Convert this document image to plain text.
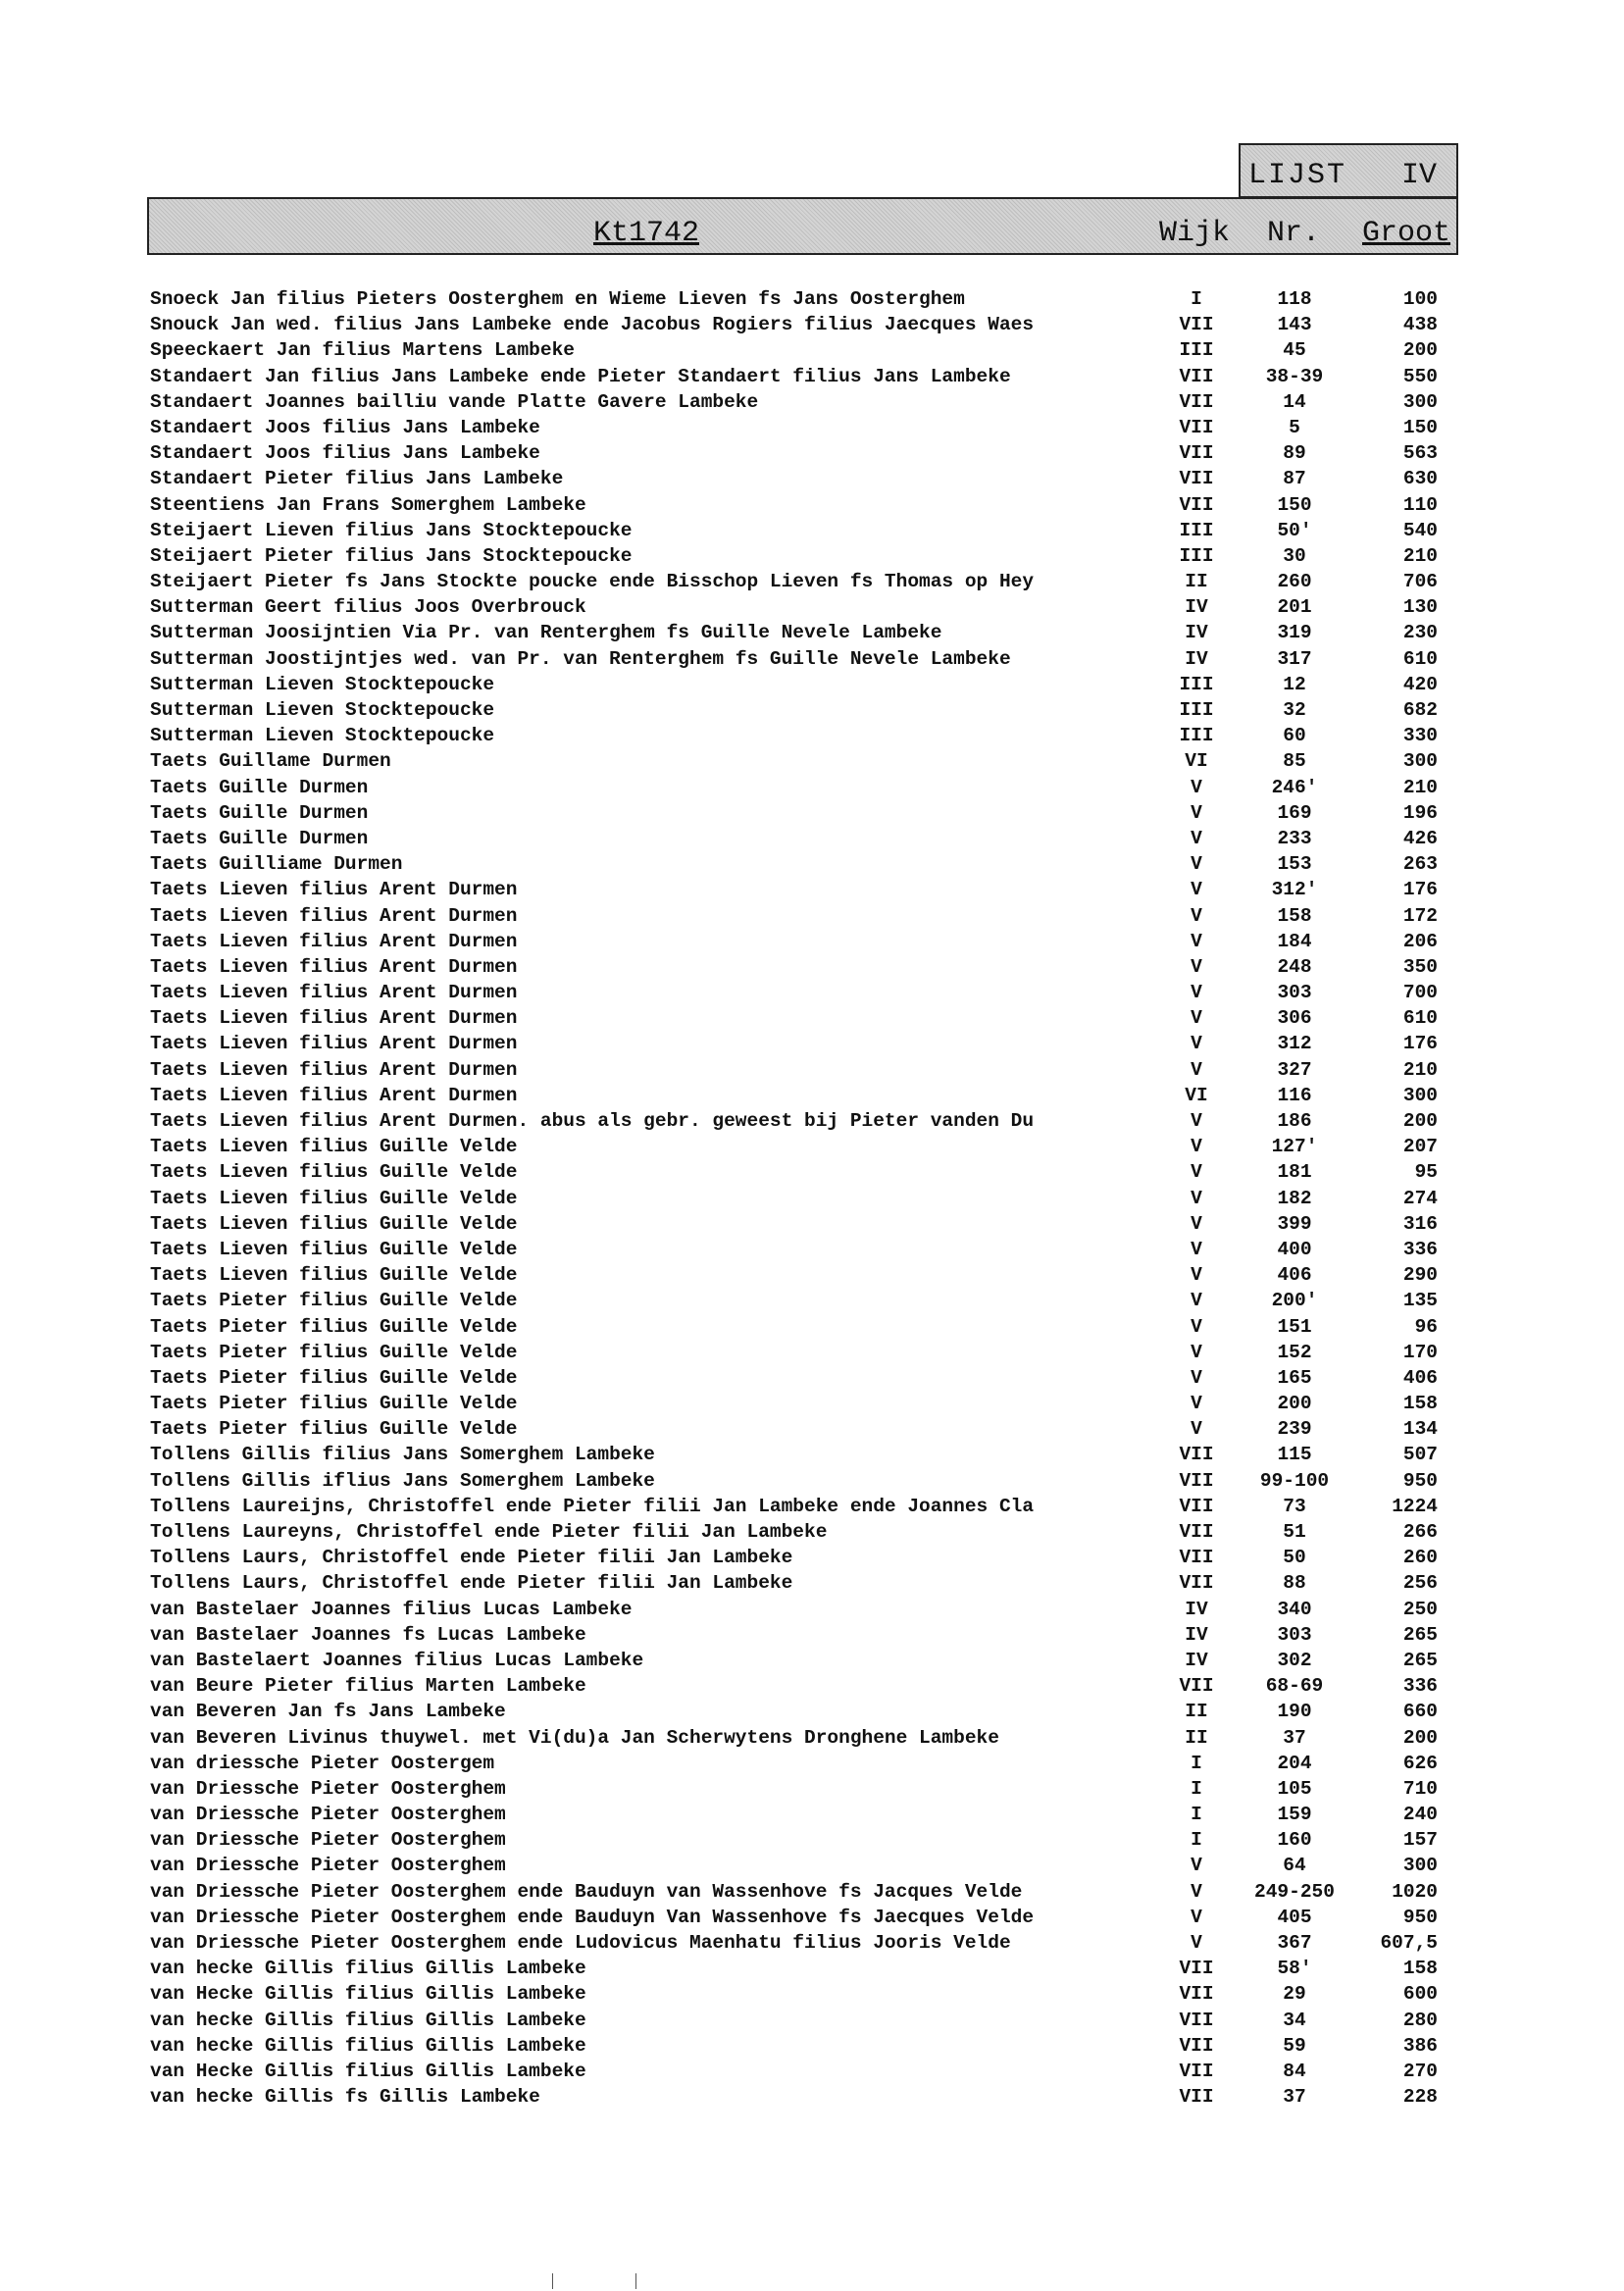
LIJST IV
Kt1742	Wijk Nr. Groot
Snoeck Jan filius Pieters Oosterghem en Wieme Lieven fs Jans Oosterghem	I	118	100
Snouck Jan wed. filius Jans Lambeke ende Jacobus Rogiers filius Jaecques Waes	VII	143	438
Speeckaert Jan filius Martens Lambeke	III	45	200
Standaert Jan filius Jans Lambeke ende Pieter Standaert filius Jans Lambeke	VII	38-39	550
Standaert Joannes bailliu vande Platte Gavere Lambeke	VII	14	300
Standaert Joos filius Jans Lambeke	VII	5	150
Standaert Joos filius Jans Lambeke	VII	89	563
Standaert Pieter filius Jans Lambeke	VII	87	630
Steentiens Jan Frans Somerghem Lambeke	VII	150	110
Steijaert Lieven filius Jans Stocktepoucke	III	50'	540
Steijaert Pieter filius Jans Stocktepoucke	III	30	210
Steijaert Pieter fs Jans Stockte poucke ende Bisschop Lieven fs Thomas op Hey	II	260	706
Sutterman Geert filius Joos Overbrouck	IV	201	130
Sutterman Joosijntien Via Pr. van Renterghem fs Guille Nevele Lambeke	IV	319	230
Sutterman Joostijntjes wed. van Pr. van Renterghem fs Guille Nevele Lambeke	IV	317	610
Sutterman Lieven Stocktepoucke	III	12	420
Sutterman Lieven Stocktepoucke	III	32	682
Sutterman Lieven Stocktepoucke	III	60	330
Taets Guillame Durmen	VI	85	300
Taets Guille Durmen	V	246'	210
Taets Guille Durmen	V	169	196
Taets Guille Durmen	V	233	426
Taets Guilliame Durmen	V	153	263
Taets Lieven filius Arent Durmen	V	312'	176
Taets Lieven filius Arent Durmen	V	158	172
Taets Lieven filius Arent Durmen	V	184	206
Taets Lieven filius Arent Durmen	V	248	350
Taets Lieven filius Arent Durmen	V	303	700
Taets Lieven filius Arent Durmen	V	306	610
Taets Lieven filius Arent Durmen	V	312	176
Taets Lieven filius Arent Durmen	V	327	210
Taets Lieven filius Arent Durmen	VI	116	300
Taets Lieven filius Arent Durmen. abus als gebr. geweest bij Pieter vanden Du	V	186	200
Taets Lieven filius Guille Velde	V	127'	207
Taets Lieven filius Guille Velde	V	181	95
Taets Lieven filius Guille Velde	V	182	274
Taets Lieven filius Guille Velde	V	399	316
Taets Lieven filius Guille Velde	V	400	336
Taets Lieven filius Guille Velde	V	406	290
Taets Pieter filius Guille Velde	V	200'	135
Taets Pieter filius Guille Velde	V	151	96
Taets Pieter filius Guille Velde	V	152	170
Taets Pieter filius Guille Velde	V	165	406
Taets Pieter filius Guille Velde	V	200	158
Taets Pieter filius Guille Velde	V	239	134
Tollens Gillis filius Jans Somerghem Lambeke	VII	115	507
Tollens Gillis iflius Jans Somerghem Lambeke	VII	99-100	950
Tollens Laureijns, Christoffel ende Pieter filii Jan Lambeke ende Joannes Cla	VII	73	1224
Tollens Laureyns, Christoffel ende Pieter filii Jan Lambeke	VII	51	266
Tollens Laurs, Christoffel ende Pieter filii Jan Lambeke	VII	50	260
Tollens Laurs, Christoffel ende Pieter filii Jan Lambeke	VII	88	256
van Bastelaer Joannes filius Lucas Lambeke	IV	340	250
van Bastelaer Joannes fs Lucas Lambeke	IV	303	265
van Bastelaert Joannes filius Lucas Lambeke	IV	302	265
van Beure Pieter filius Marten Lambeke	VII	68-69	336
van Beveren Jan fs Jans Lambeke	II	190	660
van Beveren Livinus thuywel. met Vi(du)a Jan Scherwytens Dronghene Lambeke	II	37	200
van driessche Pieter Oostergem	I	204	626
van Driessche Pieter Oosterghem	I	105	710
van Driessche Pieter Oosterghem	I	159	240
van Driessche Pieter Oosterghem	I	160	157
van Driessche Pieter Oosterghem	V	64	300
van Driessche Pieter Oosterghem ende Bauduyn van Wassenhove fs Jacques Velde	V	249-250	1020
van Driessche Pieter Oosterghem ende Bauduyn Van Wassenhove fs Jaecques Velde	V	405	950
van Driessche Pieter Oosterghem ende Ludovicus Maenhatu filius Jooris Velde	V	367	607,5
van hecke Gillis filius Gillis Lambeke	VII	58'	158
van Hecke Gillis filius Gillis Lambeke	VII	29	600
van hecke Gillis filius Gillis Lambeke	VII	34	280
van hecke Gillis filius Gillis Lambeke	VII	59	386
van Hecke Gillis filius Gillis Lambeke	VII	84	270
van hecke Gillis fs Gillis Lambeke	VII	37	228
